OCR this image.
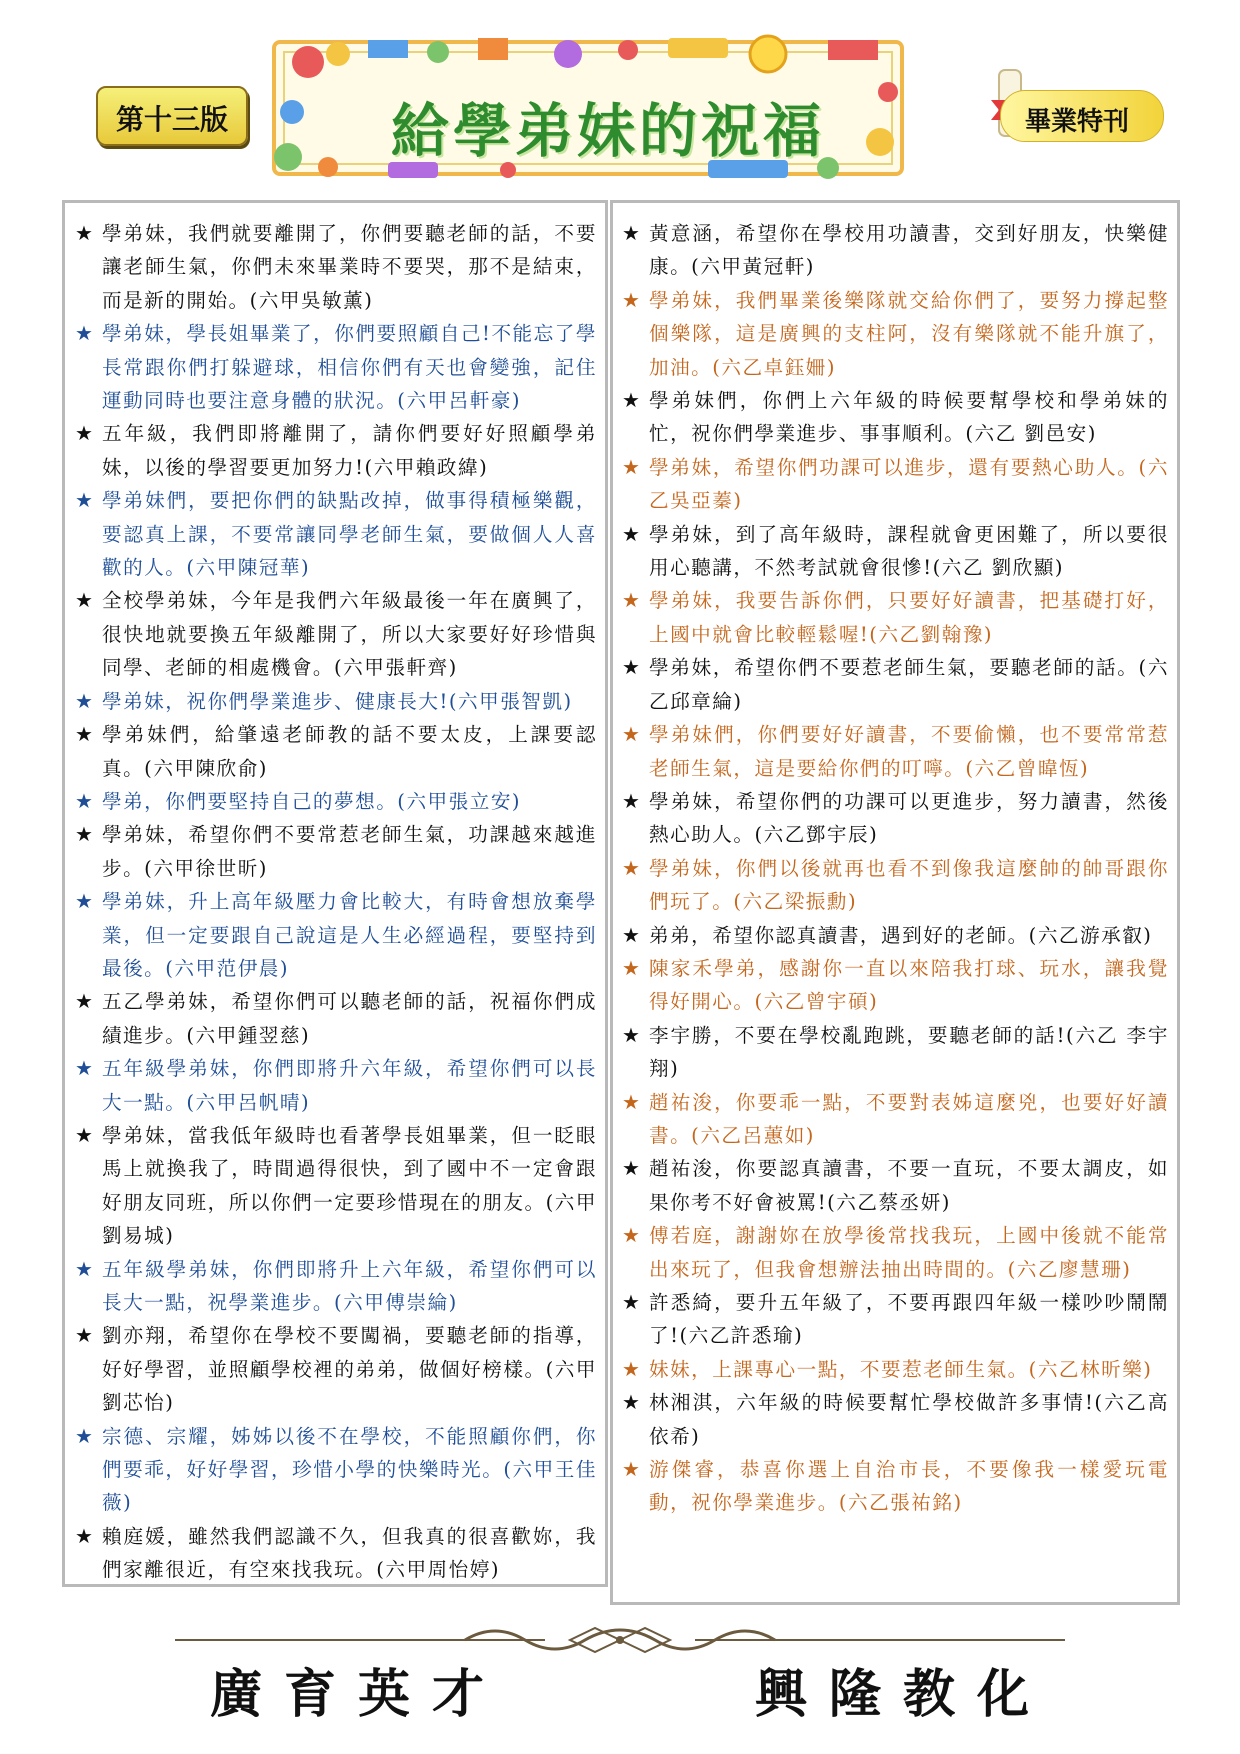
第十三版	給學弟妹的祝福	畢業特刊

★ 學弟妹，我們就要離開了，你們要聽老師的話，不要讓老師生氣，你們未來畢業時不要哭，那不是結束，而是新的開始。(六甲吳敏薰)

★ 學弟妹，學長姐畢業了，你們要照顧自己!不能忘了學長常跟你們打躲避球，相信你們有天也會變強，記住運動同時也要注意身體的狀況。(六甲呂軒豪)

★ 五年級，我們即將離開了，請你們要好好照顧學弟妹，以後的學習要更加努力!(六甲賴政緯)

★ 學弟妹們，要把你們的缺點改掉，做事得積極樂觀，要認真上課，不要常讓同學老師生氣，要做個人人喜歡的人。(六甲陳冠華)

★ 全校學弟妹，今年是我們六年級最後一年在廣興了，很快地就要換五年級離開了，所以大家要好好珍惜與同學、老師的相處機會。(六甲張軒齊)

★ 學弟妹，祝你們學業進步、健康長大!(六甲張智凱)

★ 學弟妹們，給肇遠老師教的話不要太皮，上課要認真。(六甲陳欣俞)

★ 學弟，你們要堅持自己的夢想。(六甲張立安)

★ 學弟妹，希望你們不要常惹老師生氣，功課越來越進步。(六甲徐世昕)

★ 學弟妹，升上高年級壓力會比較大，有時會想放棄學業，但一定要跟自己說這是人生必經過程，要堅持到最後。(六甲范伊晨)

★ 五乙學弟妹，希望你們可以聽老師的話，祝福你們成績進步。(六甲鍾翌慈)

★ 五年級學弟妹，你們即將升六年級，希望你們可以長大一點。(六甲呂帆晴)

★ 學弟妹，當我低年級時也看著學長姐畢業，但一眨眼馬上就換我了，時間過得很快，到了國中不一定會跟好朋友同班，所以你們一定要珍惜現在的朋友。(六甲劉易城)

★ 五年級學弟妹，你們即將升上六年級，希望你們可以長大一點，祝學業進步。(六甲傅崇綸)

★ 劉亦翔，希望你在學校不要闖禍，要聽老師的指導，好好學習，並照顧學校裡的弟弟，做個好榜樣。(六甲劉芯怡)

★ 宗德、宗耀，姊姊以後不在學校，不能照顧你們，你們要乖，好好學習，珍惜小學的快樂時光。(六甲王佳薇)

★ 賴庭媛，雖然我們認識不久，但我真的很喜歡妳，我們家離很近，有空來找我玩。(六甲周怡婷)

★ 黃意涵，希望你在學校用功讀書，交到好朋友，快樂健康。(六甲黃冠軒)

★ 學弟妹，我們畢業後樂隊就交給你們了，要努力撐起整個樂隊，這是廣興的支柱阿，沒有樂隊就不能升旗了，加油。(六乙卓鈺姍)

★ 學弟妹們，你們上六年級的時候要幫學校和學弟妹的忙，祝你們學業進步、事事順利。(六乙 劉邑安)

★ 學弟妹，希望你們功課可以進步，還有要熱心助人。(六乙吳亞蓁)

★ 學弟妹，到了高年級時，課程就會更困難了，所以要很用心聽講，不然考試就會很慘!(六乙 劉欣顯)

★ 學弟妹，我要告訴你們，只要好好讀書，把基礎打好，上國中就會比較輕鬆喔!(六乙劉翰豫)

★ 學弟妹，希望你們不要惹老師生氣，要聽老師的話。(六乙邱章綸)

★ 學弟妹們，你們要好好讀書，不要偷懶，也不要常常惹老師生氣，這是要給你們的叮嚀。(六乙曾暐恆)

★ 學弟妹，希望你們的功課可以更進步，努力讀書，然後熱心助人。(六乙鄧宇辰)

★ 學弟妹，你們以後就再也看不到像我這麼帥的帥哥跟你們玩了。(六乙梁振勳)

★ 弟弟，希望你認真讀書，遇到好的老師。(六乙游承叡)

★ 陳家禾學弟，感謝你一直以來陪我打球、玩水，讓我覺得好開心。(六乙曾宇碩)

★ 李宇勝，不要在學校亂跑跳，要聽老師的話!(六乙 李宇翔)

★ 趙祐浚，你要乖一點，不要對表姊這麼兇，也要好好讀書。(六乙呂蕙如)

★ 趙祐浚，你要認真讀書，不要一直玩，不要太調皮，如果你考不好會被罵!(六乙蔡丞妍)

★ 傅若庭，謝謝妳在放學後常找我玩，上國中後就不能常出來玩了，但我會想辦法抽出時間的。(六乙廖慧珊)

★ 許悉綺，要升五年級了，不要再跟四年級一樣吵吵鬧鬧了!(六乙許悉瑜)

★ 妹妹，上課專心一點，不要惹老師生氣。(六乙林昕樂)

★ 林湘淇，六年級的時候要幫忙學校做許多事情!(六乙高依希)

★ 游傑睿，恭喜你選上自治市長，不要像我一樣愛玩電動，祝你學業進步。(六乙張祐銘)

廣育英才	興隆教化
